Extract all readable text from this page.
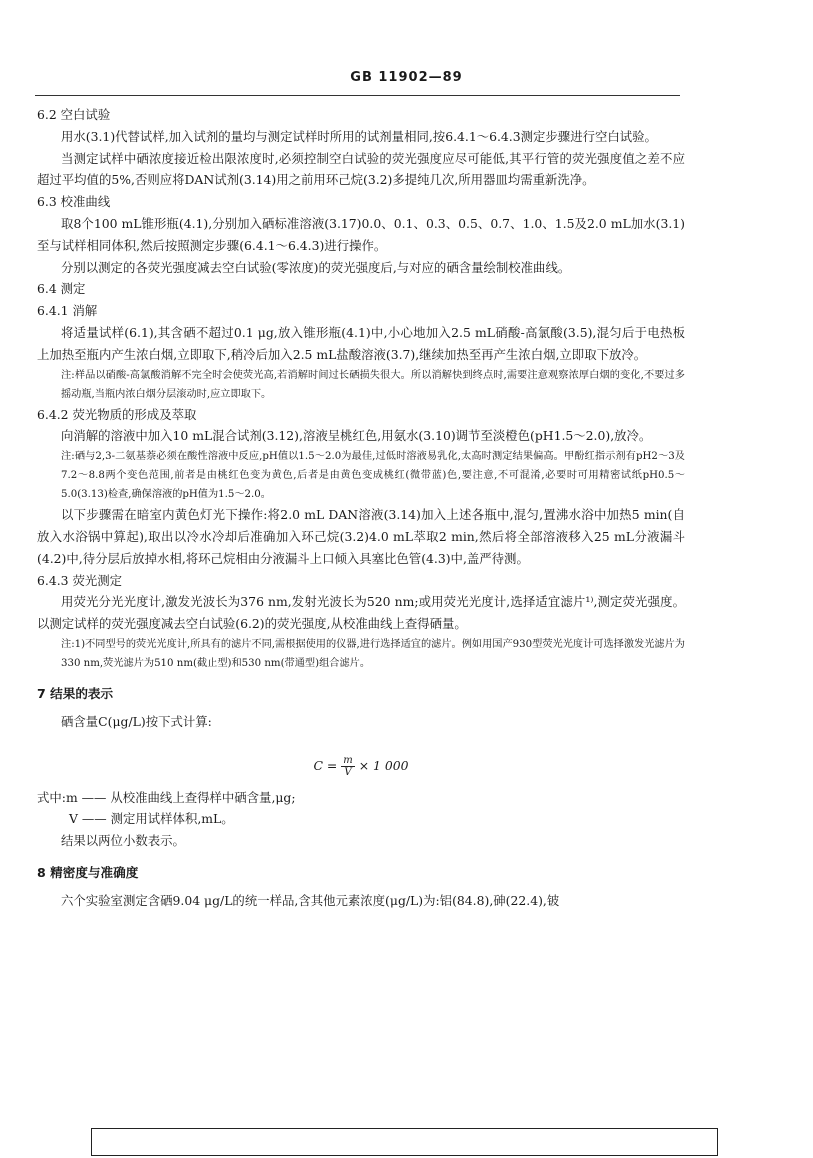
GB 11902—89

6.2 空白试验

用水(3.1)代替试样,加入试剂的量均与测定试样时所用的试剂量相同,按6.4.1～6.4.3测定步骤进行空白试验。

当测定试样中硒浓度接近检出限浓度时,必须控制空白试验的荧光强度应尽可能低,其平行管的荧光强度值之差不应超过平均值的5%,否则应将DAN试剂(3.14)用之前用环己烷(3.2)多提纯几次,所用器皿均需重新洗净。

6.3 校准曲线

取8个100 mL锥形瓶(4.1),分别加入硒标准溶液(3.17)0.0、0.1、0.3、0.5、0.7、1.0、1.5及2.0 mL加水(3.1)至与试样相同体积,然后按照测定步骤(6.4.1～6.4.3)进行操作。

分别以测定的各荧光强度减去空白试验(零浓度)的荧光强度后,与对应的硒含量绘制校准曲线。

6.4 测定

6.4.1 消解

将适量试样(6.1),其含硒不超过0.1 μg,放入锥形瓶(4.1)中,小心地加入2.5 mL硝酸-高氯酸(3.5),混匀后于电热板上加热至瓶内产生浓白烟,立即取下,稍冷后加入2.5 mL盐酸溶液(3.7),继续加热至再产生浓白烟,立即取下放冷。

注:样品以硝酸-高氯酸消解不完全时会使荧光高,若消解时间过长硒损失很大。所以消解快到终点时,需要注意观察浓厚白烟的变化,不要过多摇动瓶,当瓶内浓白烟分层滚动时,应立即取下。

6.4.2 荧光物质的形成及萃取

向消解的溶液中加入10 mL混合试剂(3.12),溶液呈桃红色,用氨水(3.10)调节至淡橙色(pH1.5～2.0),放冷。

注:硒与2,3-二氨基萘必须在酸性溶液中反应,pH值以1.5～2.0为最佳,过低时溶液易乳化,太高时测定结果偏高。甲酚红指示剂有pH2～3及7.2～8.8两个变色范围,前者是由桃红色变为黄色,后者是由黄色变成桃红(微带蓝)色,要注意,不可混淆,必要时可用精密试纸pH0.5～5.0(3.13)检查,确保溶液的pH值为1.5～2.0。

以下步骤需在暗室内黄色灯光下操作:将2.0 mL DAN溶液(3.14)加入上述各瓶中,混匀,置沸水浴中加热5 min(自放入水浴锅中算起),取出以冷水冷却后准确加入环己烷(3.2)4.0 mL萃取2 min,然后将全部溶液移入25 mL分液漏斗(4.2)中,待分层后放掉水相,将环己烷相由分液漏斗上口倾入具塞比色管(4.3)中,盖严待测。

6.4.3 荧光测定

用荧光分光光度计,激发光波长为376 nm,发射光波长为520 nm;或用荧光光度计,选择适宜滤片¹⁾,测定荧光强度。以测定试样的荧光强度减去空白试验(6.2)的荧光强度,从校准曲线上查得硒量。

注:1)不同型号的荧光光度计,所具有的滤片不同,需根据使用的仪器,进行选择适宜的滤片。例如用国产930型荧光光度计可选择激发光滤片为330 nm,荧光滤片为510 nm(截止型)和530 nm(带通型)组合滤片。

7 结果的表示

硒含量C(μg/L)按下式计算:

$C = \frac{m}{V} \times 1$ 000

式中:m —— 从校准曲线上查得样中硒含量,μg;
V —— 测定用试样体积,mL。

结果以两位小数表示。

8 精密度与准确度

六个实验室测定含硒9.04 μg/L的统一样品,含其他元素浓度(μg/L)为:铝(84.8),砷(22.4),铍
